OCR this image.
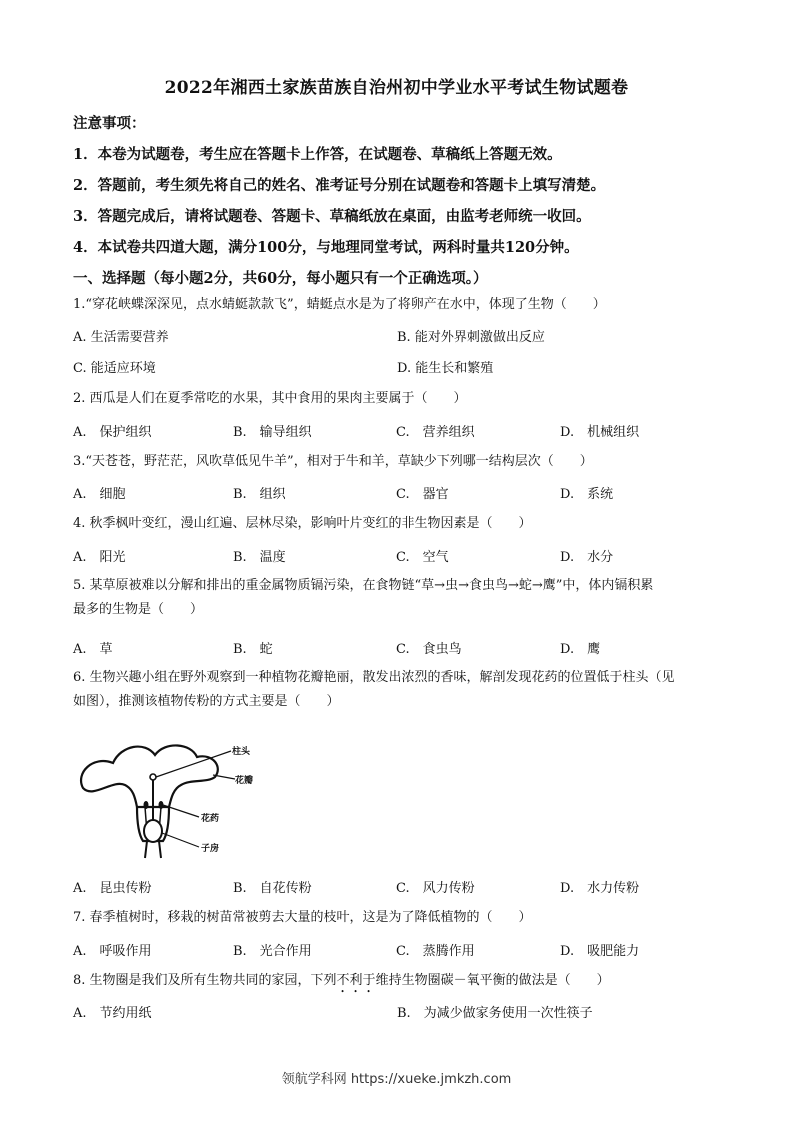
2022年湘西土家族苗族自治州初中学业水平考试生物试题卷
注意事项：
1．本卷为试题卷，考生应在答题卡上作答，在试题卷、草稿纸上答题无效。
2．答题前，考生须先将自己的姓名、准考证号分别在试题卷和答题卡上填写清楚。
3．答题完成后，请将试题卷、答题卡、草稿纸放在桌面，由监考老师统一收回。
4．本试卷共四道大题，满分100分，与地理同堂考试，两科时量共120分钟。
一、选择题（每小题2分，共60分，每小题只有一个正确选项。）
1.“穿花峡蝶深深见，点水蜻蜓款款飞”，蜻蜓点水是为了将卵产在水中，体现了生物（　　）
A. 生活需要营养	B. 能对外界刺激做出反应
C. 能适应环境	D. 能生长和繁殖
2. 西瓜是人们在夏季常吃的水果，其中食用的果肉主要属于（　　）
A.　保护组织	B.　输导组织	C.　营养组织	D.　机械组织
3.“天苍苍，野茫茫，风吹草低见牛羊”，相对于牛和羊，草缺少下列哪一结构层次（　　）
A.　细胞	B.　组织	C.　器官	D.　系统
4. 秋季枫叶变红，漫山红遍、层林尽染，影响叶片变红的非生物因素是（　　）
A.　阳光	B.　温度	C.　空气	D.　水分
5. 某草原被难以分解和排出的重金属物质镉污染，在食物链“草→虫→食虫鸟→蛇→鹰”中，体内镉积累
最多的生物是（　　）
A.　草	B.　蛇	C.　食虫鸟	D.　鹰
6. 生物兴趣小组在野外观察到一种植物花瓣艳丽，散发出浓烈的香味，解剖发现花药的位置低于柱头（见
如图），推测该植物传粉的方式主要是（　　）
柱头
花瓣
花药
子房
A.　昆虫传粉	B.　自花传粉	C.　风力传粉	D.　水力传粉
7. 春季植树时，移栽的树苗常被剪去大量的枝叶，这是为了降低植物的（　　）
A.　呼吸作用	B.　光合作用	C.　蒸腾作用	D.　吸肥能力
8. 生物圈是我们及所有生物共同的家园，下列不利于维持生物圈碳－氧平衡的做法是（　　）
A.　节约用纸	B.　为减少做家务使用一次性筷子
领航学科网 https://xueke.jmkzh.com
